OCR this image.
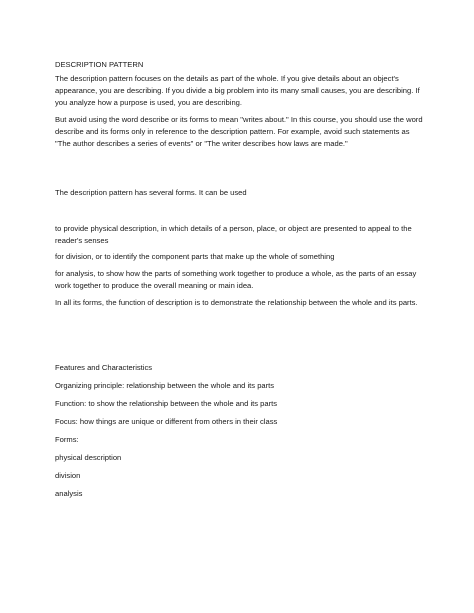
DESCRIPTION PATTERN

The description pattern focuses on the details as part of the whole. If you give details about an object's appearance, you are describing. If you divide a big problem into its many small causes, you are describing. If you analyze how a purpose is used, you are describing.

But avoid using the word describe or its forms to mean "writes about." In this course, you should use the word describe and its forms only in reference to the description pattern. For example, avoid such statements as "The author describes a series of events" or "The writer describes how laws are made."

The description pattern has several forms. It can be used

to provide physical description, in which details of a person, place, or object are presented to appeal to the reader's senses

for division, or to identify the component parts that make up the whole of something

for analysis, to show how the parts of something work together to produce a whole, as the parts of an essay work together to produce the overall meaning or main idea.

In all its forms, the function of description is to demonstrate the relationship between the whole and its parts.

Features and Characteristics

Organizing principle: relationship between the whole and its parts

Function: to show the relationship between the whole and its parts

Focus: how things are unique or different from others in their class

Forms:

physical description

division

analysis
